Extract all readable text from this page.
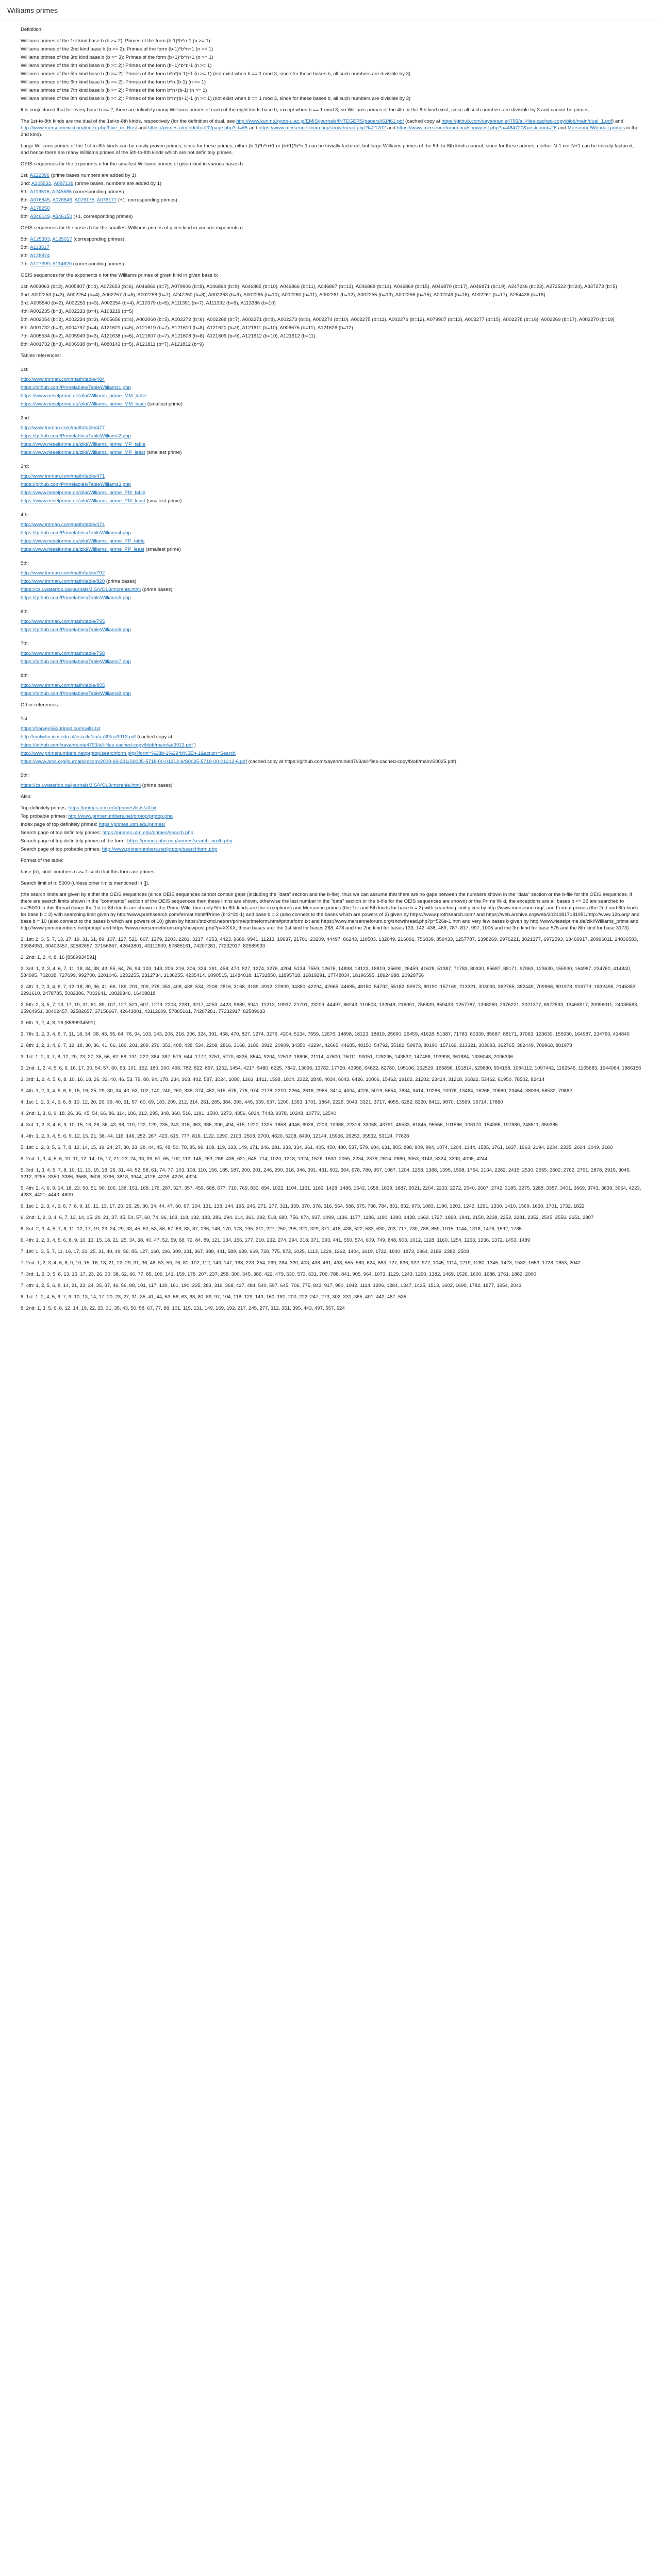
Williams primes
Definition:
Williams primes of the 1st kind base b (b >= 2): Primes of the form (b-1)*b^n-1 (n >= 1)
Williams primes of the 2nd kind base b (b >= 2): Primes of the form (b-1)*b^n+1 (n >= 1)
Williams primes of the 3rd kind base b (b >= 3): Primes of the form (b+1)*b^n+1 (n >= 1)
Williams primes of the 4th kind base b (b >= 2): Primes of the form (b+1)*b^n-1 (n >= 1)
Williams primes of the 5th kind base b (b >= 2): Primes of the form b^n*(b-1)+1 (n >= 1) (not exist when b == 1 mod 3, since for these bases b, all such numbers are divisible by 3)
Williams primes of the 6th kind base b (b >= 2): Primes of the form b^n-(b-1) (n >= 1)
Williams primes of the 7th kind base b (b >= 2): Primes of the form b^n+(b-1) (n >= 1)
Williams primes of the 8th kind base b (b >= 2): Primes of the form b^n*(b+1)-1 (n >= 1) (not exist when b == 1 mod 3, since for these bases b, all such numbers are divisible by 3)
It is conjectured that for every base b >= 2, there are infinitely many Williams primes of each of the eight kinds base b, except when b == 1 mod 3, no Williams primes of the 4th or the 8th kind exist, since all such numbers are divisible by 3 and cannot be primes.
The 1st-to-8th kinds are the dual of the 1st-to-8th kinds, respectively (for the definition of dual, see http://www.kurims.kyoto-u.ac.jp/EMIS/journals/INTEGERS/papers/i61/i61.pdf (cached copy at https://github.com/xayahrainie4793/all-files-cached-copy/blob/main/dual_1.pdf) and http://www.mersennewiki.org/index.php/Five_or_Bust and https://primes.utm.edu/top20/page.php?id=65 and https://www.mersenneforum.org/showthread.php?t=21702 and https://www.mersenneforum.org/showpost.php?p=464720&postcount=26 and Mersenne/Woodall primes in the 2nd kind).
Large Williams primes of the 1st-to-8th kinds can be easily proven primes, since for these primes, either (b-1)*b^n+1 or (b+1)*b^n-1 can be trivially factored, but large Williams primes of the 5th-to-8th kinds cannot, since for these primes, neither N-1 nor N+1 can be trivially factored, and hence there are many Williams primes of the 5th-to-8th kinds which are not definitely primes.
OEIS sequences for the exponents n for the smallest Williams primes of given kind in various bases b:
1st: A122396 (prime bases numbers are added by 1)
2nd: A305532, A087139 (prime bases, numbers are added by 1)
5th: A113516, A245585 (corresponding primes)
6th: A076845, A076846, A076175, A076177 (+1, corresponding primes)
7th: A178250
8th: A346149, A346150 (+1, corresponding primes)
OEIS sequences for the bases b for the smallest Williams primes of given kind in various exponents n:
5th: A125393, A125017 (corresponding primes)
5th: A113517
6th: A128874
7th: A127399, A114620 (corresponding primes)
OEIS sequences for the exponents n for the Williams primes of given kind in given base b:
1st: A003063 (b=3), A005807 (b=4), A072653 (b=6), A046863 (b=7), A079906 (b=8), A046864 (b=9), A046865 (b=10), A046866 (b=11), A046867 (b=13), A046868 (b=14), A046869 (b=15), A046870 (b=17), A046871 (b=19), A247246 (b=23), A272522 (b=24), A337273 (b=5)
2nd: A002253 (b=3), A002254 (b=4), A002257 (b=5), A002258 (b=7), A247260 (b=8), A002263 (b=9), A002265 (b=10), A002260 (b=11), A002261 (b=12), A002255 (b=13), A002256 (b=15), A002249 (b=16), A002261 (b=17), A254436 (b=18)
3rd: A005540 (b=2), A002253 (b=3), A002254 (b=4), A110379 (b=5), A111391 (b=7), A111392 (b=9), A113386 (b=10)
4th: A002235 (b=3), A002233 (b=4), A103219 (b=5)
5th: A002054 (b=2), A002234 (b=3), A005656 (b=4), A002060 (b=5), A002272 (b=6), A002268 (b=7), A002271 (b=8), A002273 (b=9), A002274 (b=10), A002275 (b=11), A002276 (b=12), A079907 (b=13), A002277 (b=15), A002278 (b=16), A002269 (b=17), A002270 (b=19)
6th: A001732 (b=3), A004797 (b=4), A121621 (b=5), A121619 (b=7), A121610 (b=8), A121620 (b=9), A121611 (b=10), A006675 (b=11), A121626 (b=12)
7th: A005534 (b=2), A005949 (b=3), A121638 (b=5), A121607 (b=7), A121608 (b=8), A121609 (b=9), A121612 (b=10), A121612 (b=11)
8th: A001732 (b=3), A006938 (b=4), A080142 (b=5), A121811 (b=7), A121812 (b=9)
Tables references:
1st:
http://www.tmman.com/math/table/484
https://github.com/Primelables/TableWilliams1.php
https://www.rieselprime.de/ziki/Williams_prime_MM_table
https://www.rieselprime.de/ziki/Williams_prime_MM_least (smallest prime)
2nd:
http://www.tmman.com/math/table/477
https://github.com/Primelables/TableWilliams2.php
https://www.rieselprime.de/ziki/Williams_prime_MP_table
https://www.rieselprime.de/ziki/Williams_prime_MP_least (smallest prime)
3rd:
http://www.tmman.com/math/table/471
https://github.com/Primelables/TableWilliams3.php
https://www.rieselprime.de/ziki/Williams_prime_PM_table
https://www.rieselprime.de/ziki/Williams_prime_PM_least (smallest prime)
4th:
http://www.tmman.com/math/table/474
https://github.com/Primelables/TableWilliams4.php
https://www.rieselprime.de/ziki/Williams_prime_PP_table
https://www.rieselprime.de/ziki/Williams_prime_PP_least (smallest prime)
5th:
http://www.tmman.com/math/table/792
http://www.tmman.com/math/table/820 (prime bases)
https://cs.uwaterloo.ca/journals/JIS/VOL3/mcranie.html (prime bases)
https://github.com/Primelables/TableWilliams5.php
6th:
http://www.tmman.com/math/table/795
https://github.com/Primelables/TableWilliams6.php
7th:
http://www.tmman.com/math/table/798
https://github.com/Primelables/TableWilliams7.php
8th:
http://www.tmman.com/math/table/805
https://github.com/Primelables/TableWilliams8.php
Other references:
1st:
https://harvey563.tripod.com/wills.txt
http://matwbn.icm.edu.pl/ksiazki/aa/aa39/aa3913.pdf (cached copy at
https://github.com/xayahrainie4793/all-files-cached-copy/blob/main/aa3913.pdf )
http://www.primenumbers.net/prptop/searchform.php?form=%28b-1%29*b%5En-1&action=Search
https://www.ams.org/journals/mcom/2000-69-231/S0025-5718-00-01212-6/S0025-5718-00-01212-6.pdf (cached copy at https://github.com/xayahrainie4793/all-files-cached-copy/blob/main/S0025.pdf)
5th:
https://cs.uwaterloo.ca/journals/JIS/VOL3/mcranie.html (prime bases)
Also:
Top definitely primes: https://primes.utm.edu/primes/lists/all.txt
Top probable primes: http://www.primenumbers.net/prptop/prptop.php
Index page of top definitely primes: https://primes.utm.edu/primes/
Search page of top definitely primes: https://primes.utm.edu/primes/search.php
Search page of top definitely primes of the form: https://primes.utm.edu/primes/search_proth.php
Search page of top probable primes: http://www.primenumbers.net/prptop/searchform.php
Format of the table:
base (b), kind: numbers n >= 1 such that this form are primes
Search limit of n: 5000 (unless other limits mentioned in []).
(the search limits are given by either the OEIS sequences (since OEIS sequences cannot contain gaps (including the "data" section and the b-file), thus we can assume that there are no gaps between the numbers shown in the "data" section or the b-file for the OEIS sequences, if there are search limits shown in the "comments" section of the OEIS sequences then these limits are shown, otherwise the last number in the "data" section or the b-file for the OEIS sequences are shown) or the Prime Wiki, the exceptions are all bases b <= 32 are searched to n=25000 in this thread (since the 1st-to-8th kinds are shown in the Prime Wiki, thus only 5th-to-8th kinds are the exceptions) and Mersenne primes (the 1st and 5th kinds for base b = 2) with searching limit given by http://www.mersenne.org/, and Fermat primes (the 2nd and 6th kinds for base b = 2) with searching limit given by http://www.prothsearch.com/fermat.html#Prime (b^2^20-1) and base b = 2 (also connect to the bases which are powers of 2) given by https://www.prothsearch.com/ and https://web.archive.org/web/20210817181951/http://www.12b.org/ and base b = 10 (also connect to the bases b which are powers of 10) given by https://stdkmd.net/nrr/prime/primeform.htm#primeform.txt and https://www.mersenneforum.org/showthread.php?p=526e-1.htm and very few bases b given by http://www.rieselprime.de/ziki/Williams_prime and http://www.primenumbers.net/prptop/ and https://www.mersenneforum.org/showpost.php?p=XXXX, those bases are: the 1st kind for bases 268, 478 and the 2nd kind for bases 133, 142, 438, 469, 787, 817, 997, 1005 and the 3rd kind for base 575 and the 8th kind for base 3173)
2, 1st: 2, 3, 5, 7, 13, 17, 19, 31, 61, 89, 107, 127, 521, 607, 1279, 2203, 2281, 3217, 4253, 4423, 9689, 9941, 11213, 19937, 21701, 23209, 44497, 86243, 110503, 132049, 216091, 756839, 859433, 1257787, 1398269, 2976221, 3021377, 6972593, 13466917, 20996011, 24036583, 25964951, 30402457, 32582657, 37156667, 42643801, 43112609, 57885161, 74207281, 77232917, 82589933
2, 2nd: 1, 2, 4, 8, 16 [8589934591]
2, 3rd: 1, 2, 3, 4, 6, 7, 11, 18, 34, 38, 43, 55, 64, 76, 94, 103, 143, 206, 216, 306, 324, 391, 458, 470, 827, 1274, 3276, 4204, 5134, 7559, 12676, 14898, 18123, 18819, 25690, 26459, 41628, 51387, 71783, 80330, 85687, 88171, 97063, 123630, 155930, 164987, 234760, 414840, 584995, 702038, 727699, 992700, 1201046, 1232255, 2312734, 3136255, 4235414, 6090515, 11484018, 11731850, 11895718, 16819291, 17748034, 18196595, 18924988, 20928756
2, 4th: 1, 2, 3, 4, 6, 7, 12, 18, 30, 36, 41, 66, 189, 201, 209, 276, 353, 408, 438, 534, 2208, 2816, 3168, 3189, 3912, 20909, 34350, 42294, 42665, 44685, 48150, 54792, 55182, 59973, 80190, 157169, 213321, 303093, 362765, 382449, 709968, 801978, 916773, 1832496, 2145353, 2291610, 2478785, 5082306, 7033641, 10829346, 16408818
2, 5th: 2, 3, 5, 7, 13, 17, 19, 31, 61, 89, 107, 127, 521, 607, 1279, 2203, 2281, 3217, 4253, 4423, 9689, 9941, 11213, 19937, 21701, 23209, 44497, 86243, 110503, 132049, 216091, 756839, 859433, 1257787, 1398269, 2976221, 3021377, 6972593, 13466917, 20996011, 24036583, 25964951, 30402457, 32582657, 37156667, 42643801, 43112609, 57885161, 74207281, 77232917, 82589933
2, 6th: 1, 2, 4, 8, 16 [8589934591]
2, 7th: 1, 2, 3, 4, 6, 7, 11, 18, 34, 38, 43, 55, 64, 76, 94, 103, 143, 206, 216, 306, 324, 391, 458, 470, 827, 1274, 3276, 4204, 5134, 7559, 12676, 14898, 18123, 18819, 25690, 26459, 41628, 51387, 71783, 80330, 85687, 88171, 97063, 123630, 155930, 164987, 234760, 414840
2, 8th: 1, 2, 3, 4, 6, 7, 12, 18, 30, 36, 41, 66, 189, 201, 209, 276, 353, 408, 438, 534, 2208, 2816, 3168, 3189, 3912, 20909, 34350, 42294, 42665, 44685, 48150, 54792, 55182, 59973, 80190, 157169, 213321, 303093, 362765, 382449, 709968, 801978
3, 1st: 1, 2, 3, 7, 8, 12, 20, 23, 27, 35, 56, 62, 68, 131, 222, 384, 387, 579, 644, 1772, 3751, 5270, 6335, 8544, 9204, 12512, 18806, 21114, 47600, 75011, 90051, 128295, 143532, 147488, 193998, 361884, 1336048, 2006336
3, 2nd: 1, 2, 4, 5, 6, 9, 16, 17, 30, 54, 57, 60, 63, 101, 152, 180, 200, 496, 782, 822, 897, 1252, 1454, 4217, 5480, 6225, 7842, 13096, 13782, 17720, 43956, 64822, 82780, 105106, 152529, 165896, 191814, 529680, 654158, 1084112, 1097442, 1162546, 1165683, 1544064, 1886156
3, 3rd: 1, 2, 4, 5, 6, 8, 10, 16, 18, 26, 33, 40, 46, 53, 79, 80, 94, 178, 234, 363, 402, 587, 1024, 1080, 1263, 1411, 1598, 1804, 2322, 2848, 4034, 6043, 6426, 10006, 15462, 19102, 21202, 23424, 31218, 36822, 53462, 61950, 78502, 82414
3, 4th: 1, 2, 3, 4, 5, 6, 9, 15, 16, 25, 29, 30, 34, 40, 53, 102, 140, 240, 260, 335, 374, 452, 515, 675, 776, 974, 2178, 2210, 2264, 2616, 2985, 3414, 4004, 4226, 5019, 5654, 7634, 9414, 10266, 10976, 13464, 16266, 20580, 23454, 38096, 56532, 79862
4, 1st: 1, 2, 3, 4, 5, 6, 8, 10, 12, 20, 26, 39, 40, 51, 57, 60, 69, 183, 209, 212, 214, 261, 285, 384, 393, 445, 539, 637, 1200, 1353, 1701, 1864, 2226, 3049, 3321, 3717, 4055, 6282, 8220, 8412, 9870, 13569, 15714, 17880
4, 2nd: 1, 3, 6, 9, 18, 26, 36, 45, 54, 66, 86, 114, 186, 213, 295, 348, 360, 516, 1191, 1500, 3273, 4356, 6024, 7443, 9378, 10248, 10773, 12540
4, 3rd: 1, 2, 3, 4, 6, 9, 10, 15, 16, 26, 36, 43, 98, 110, 122, 129, 235, 243, 315, 363, 386, 390, 494, 515, 1220, 1325, 1858, 4346, 6938, 7203, 10988, 22316, 33058, 43791, 45533, 61845, 95556, 101566, 106170, 154365, 197880, 248511, 350385
4, 4th: 1, 2, 3, 4, 5, 6, 9, 12, 15, 21, 38, 44, 116, 146, 252, 267, 423, 615, 777, 816, 1122, 1290, 2103, 2508, 2700, 4620, 5208, 8490, 12144, 15936, 26253, 35532, 53124, 77628
5, 1st: 1, 2, 3, 5, 6, 7, 8, 12, 14, 15, 19, 24, 27, 30, 33, 38, 44, 45, 48, 50, 78, 85, 99, 108, 119, 133, 149, 171, 246, 281, 333, 334, 361, 405, 450, 480, 537, 579, 604, 631, 805, 898, 909, 994, 1074, 1204, 1344, 1585, 1761, 1837, 1963, 2194, 2234, 2335, 2604, 3049, 3180
5, 2nd: 1, 3, 4, 5, 6, 10, 11, 12, 14, 15, 17, 21, 23, 24, 33, 39, 51, 65, 102, 113, 145, 263, 286, 435, 631, 645, 714, 1020, 1218, 1324, 1526, 1630, 2055, 2234, 2379, 2614, 2860, 3053, 3143, 3324, 3393, 4098, 4244
5, 3rd: 1, 3, 4, 5, 7, 8, 10, 11, 13, 15, 18, 26, 31, 44, 52, 58, 61, 74, 77, 103, 108, 110, 156, 185, 187, 200, 201, 246, 290, 318, 346, 391, 431, 502, 664, 678, 780, 957, 1087, 1204, 1258, 1388, 1395, 1598, 1754, 2134, 2282, 2415, 2530, 2555, 2602, 2762, 2791, 2878, 2915, 3045, 3212, 3285, 3350, 3386, 3568, 3608, 3796, 3818, 3944, 4126, 4226, 4276, 4324
5, 4th: 2, 4, 6, 9, 14, 18, 23, 50, 51, 90, 106, 138, 151, 168, 176, 287, 327, 357, 459, 588, 677, 710, 769, 833, 894, 1022, 1104, 1161, 1182, 1428, 1486, 1542, 1658, 1839, 1887, 2021, 2204, 2233, 2272, 2540, 2607, 2742, 3185, 3275, 3288, 3357, 3401, 3669, 3743, 3839, 3954, 4223, 4283, 4421, 4443, 4600
6, 1st: 1, 2, 3, 4, 5, 6, 7, 8, 9, 10, 11, 13, 17, 20, 25, 29, 30, 34, 44, 47, 60, 67, 104, 131, 138, 144, 195, 246, 271, 277, 311, 339, 370, 378, 516, 564, 588, 675, 738, 784, 831, 832, 973, 1083, 1190, 1201, 1242, 1291, 1330, 1410, 1569, 1630, 1701, 1732, 1822
6, 2nd: 1, 2, 3, 4, 6, 7, 13, 14, 15, 20, 21, 37, 45, 54, 57, 60, 74, 96, 103, 118, 132, 183, 286, 294, 314, 361, 392, 518, 680, 756, 874, 937, 1099, 1136, 1177, 1186, 1190, 1390, 1438, 1662, 1727, 1860, 1941, 2150, 2238, 2252, 2281, 2352, 2545, 2556, 2651, 2807
6, 3rd: 2, 3, 4, 5, 7, 8, 11, 12, 17, 19, 23, 24, 29, 33, 45, 52, 53, 58, 67, 69, 83, 87, 136, 148, 170, 178, 195, 211, 227, 250, 295, 321, 329, 371, 418, 438, 522, 583, 630, 703, 717, 730, 788, 859, 1015, 1144, 1318, 1476, 1592, 1785
6, 4th: 1, 2, 3, 4, 5, 6, 8, 9, 10, 13, 15, 18, 21, 25, 34, 38, 40, 47, 52, 59, 68, 72, 84, 89, 121, 134, 156, 177, 210, 232, 274, 294, 318, 371, 393, 441, 550, 574, 609, 749, 848, 903, 1012, 1128, 1160, 1254, 1263, 1336, 1372, 1453, 1489
7, 1st: 1, 3, 5, 7, 11, 16, 17, 21, 25, 31, 40, 49, 56, 85, 127, 160, 196, 309, 331, 367, 388, 441, 589, 639, 669, 728, 775, 872, 1025, 1113, 1229, 1262, 1404, 1619, 1722, 1840, 1873, 1964, 2189, 2382, 2508
7, 2nd: 1, 2, 3, 4, 6, 8, 9, 10, 15, 16, 18, 21, 22, 29, 31, 36, 48, 53, 59, 76, 81, 102, 112, 143, 147, 168, 223, 254, 269, 284, 320, 403, 438, 461, 498, 555, 583, 624, 683, 727, 836, 922, 972, 1045, 1114, 1219, 1280, 1345, 1423, 1582, 1653, 1728, 1853, 2042
7, 3rd: 1, 2, 3, 5, 8, 13, 15, 17, 23, 26, 30, 38, 52, 66, 77, 85, 106, 141, 159, 178, 207, 237, 258, 300, 345, 386, 422, 479, 530, 573, 631, 706, 788, 841, 905, 964, 1073, 1129, 1243, 1290, 1382, 1469, 1526, 1600, 1688, 1761, 1882, 2000
7, 4th: 1, 2, 5, 6, 8, 14, 21, 23, 24, 35, 37, 46, 56, 88, 101, 117, 130, 161, 190, 235, 283, 316, 368, 427, 484, 540, 597, 645, 706, 775, 843, 917, 980, 1042, 1114, 1206, 1284, 1347, 1425, 1513, 1602, 1690, 1782, 1877, 1954, 2043
8, 1st: 1, 2, 4, 5, 6, 7, 9, 10, 13, 14, 17, 20, 23, 27, 31, 35, 41, 44, 53, 58, 63, 68, 80, 89, 97, 104, 118, 129, 143, 160, 181, 200, 222, 247, 273, 302, 331, 365, 401, 442, 487, 535
8, 2nd: 1, 3, 5, 6, 8, 12, 14, 19, 22, 25, 31, 35, 43, 50, 58, 67, 77, 88, 101, 115, 131, 149, 169, 192, 217, 245, 277, 312, 351, 395, 443, 497, 557, 624
